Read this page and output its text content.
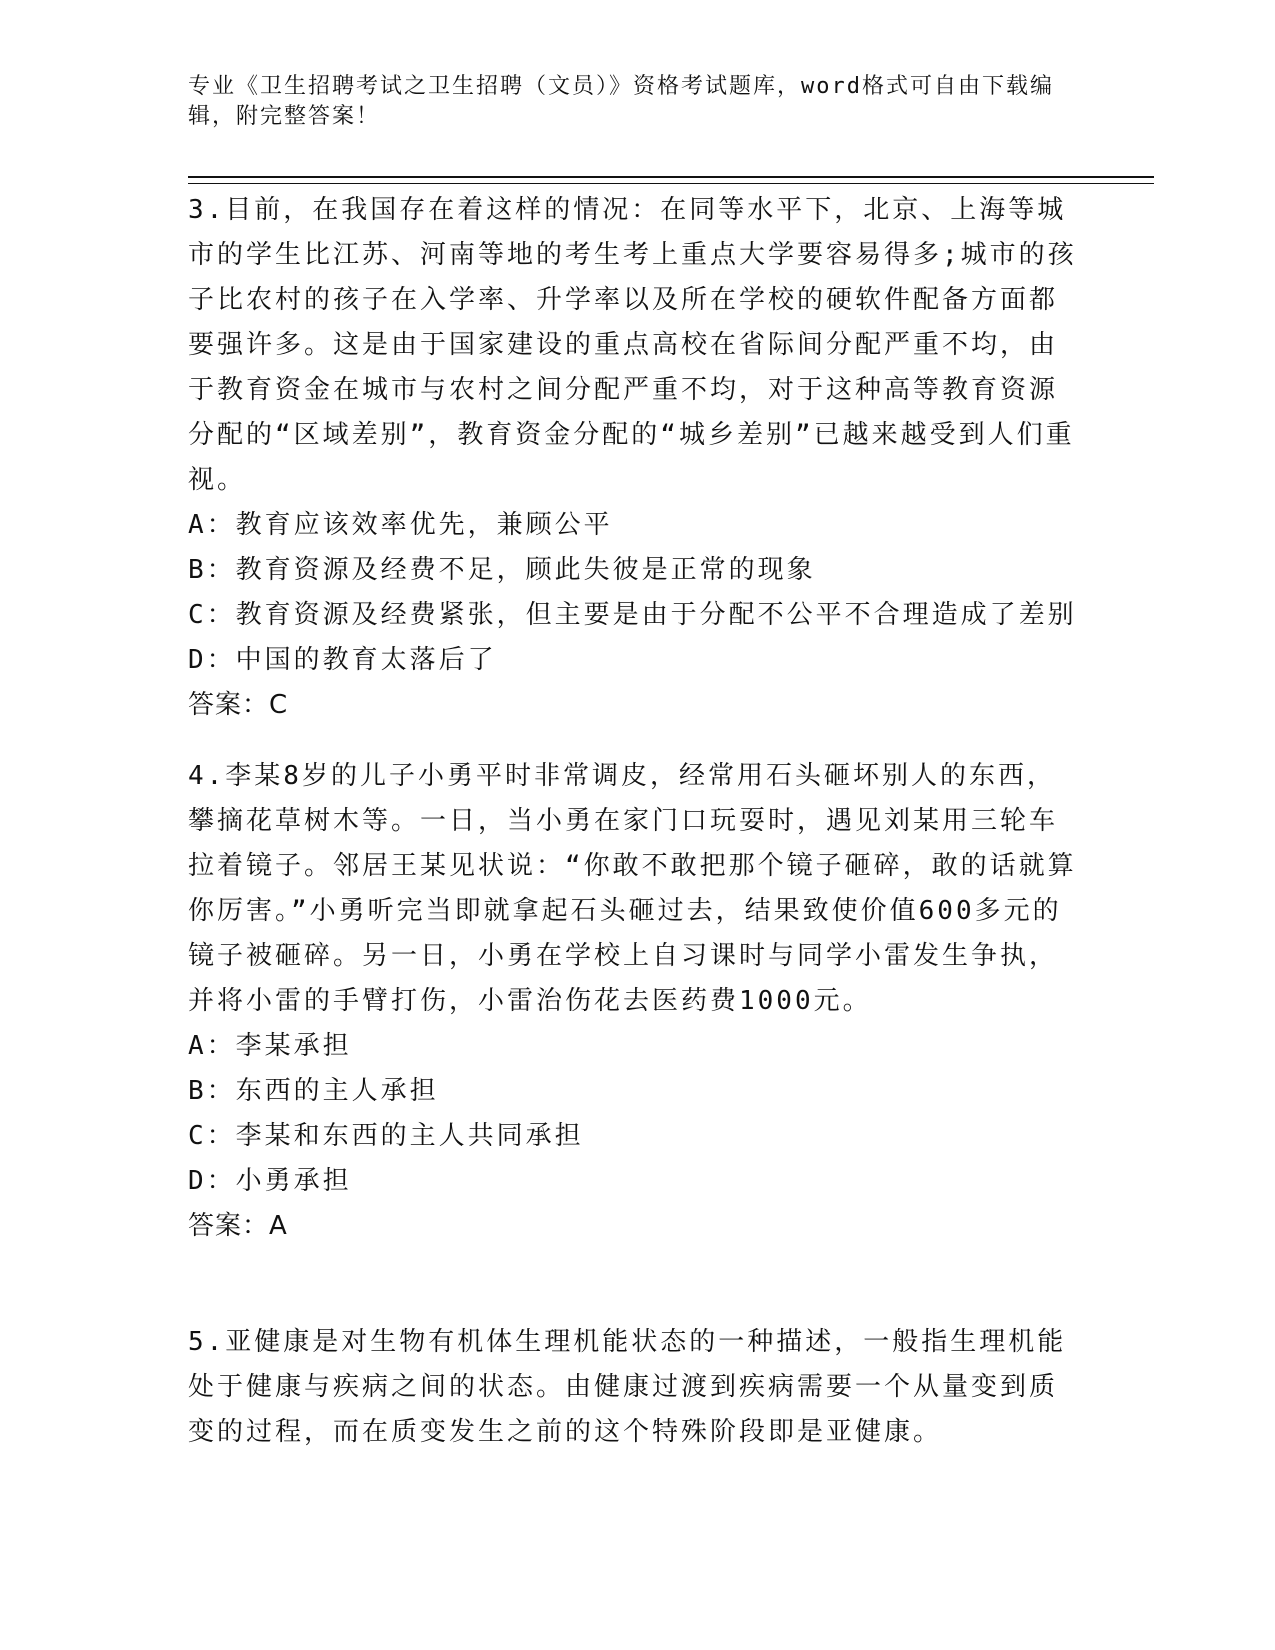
专业《卫生招聘考试之卫生招聘（文员）》资格考试题库，word格式可自由下载编辑，附完整答案！

3.目前，在我国存在着这样的情况：在同等水平下，北京、上海等城市的学生比江苏、河南等地的考生考上重点大学要容易得多;城市的孩子比农村的孩子在入学率、升学率以及所在学校的硬软件配备方面都要强许多。这是由于国家建设的重点高校在省际间分配严重不均，由于教育资金在城市与农村之间分配严重不均，对于这种高等教育资源分配的“区域差别”，教育资金分配的“城乡差别”已越来越受到人们重视。

A：教育应该效率优先，兼顾公平

B：教育资源及经费不足，顾此失彼是正常的现象

C：教育资源及经费紧张，但主要是由于分配不公平不合理造成了差别

D：中国的教育太落后了

答案：C

4.李某8岁的儿子小勇平时非常调皮，经常用石头砸坏别人的东西，攀摘花草树木等。一日，当小勇在家门口玩耍时，遇见刘某用三轮车拉着镜子。邻居王某见状说：“你敢不敢把那个镜子砸碎，敢的话就算你厉害。”小勇听完当即就拿起石头砸过去，结果致使价值600多元的镜子被砸碎。另一日，小勇在学校上自习课时与同学小雷发生争执，并将小雷的手臂打伤，小雷治伤花去医药费1000元。

A：李某承担

B：东西的主人承担

C：李某和东西的主人共同承担

D：小勇承担

答案：A

5.亚健康是对生物有机体生理机能状态的一种描述，一般指生理机能处于健康与疾病之间的状态。由健康过渡到疾病需要一个从量变到质变的过程，而在质变发生之前的这个特殊阶段即是亚健康。
